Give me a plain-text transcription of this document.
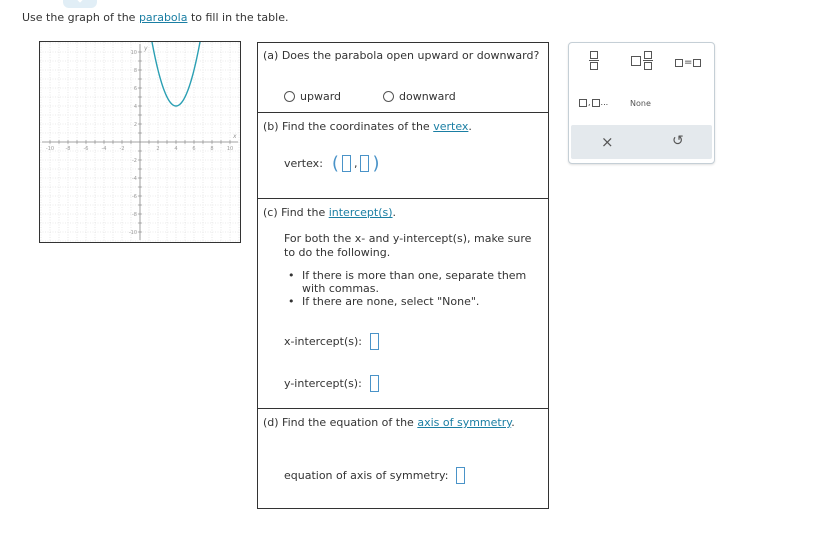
Use the graph of the parabola to fill in the table.
-10 -8	-6	-4	-2	2	4	6	8	10
10
8
6
4
2
-2
-4
-6
-8
-10
x
y
(a) Does the parabola open upward or downward?
upward	downward
(b) Find the coordinates of the vertex.
vertex: ( , )
(c) Find the intercept(s).
For both the x- and y-intercept(s), make sure
to do the following.
• If there is more than one, separate them
with commas.
• If there are none, select "None".
x-intercept(s):
y-intercept(s):
(d) Find the equation of the axis of symmetry.
equation of axis of symmetry:
=
, ...	None
×	↺
